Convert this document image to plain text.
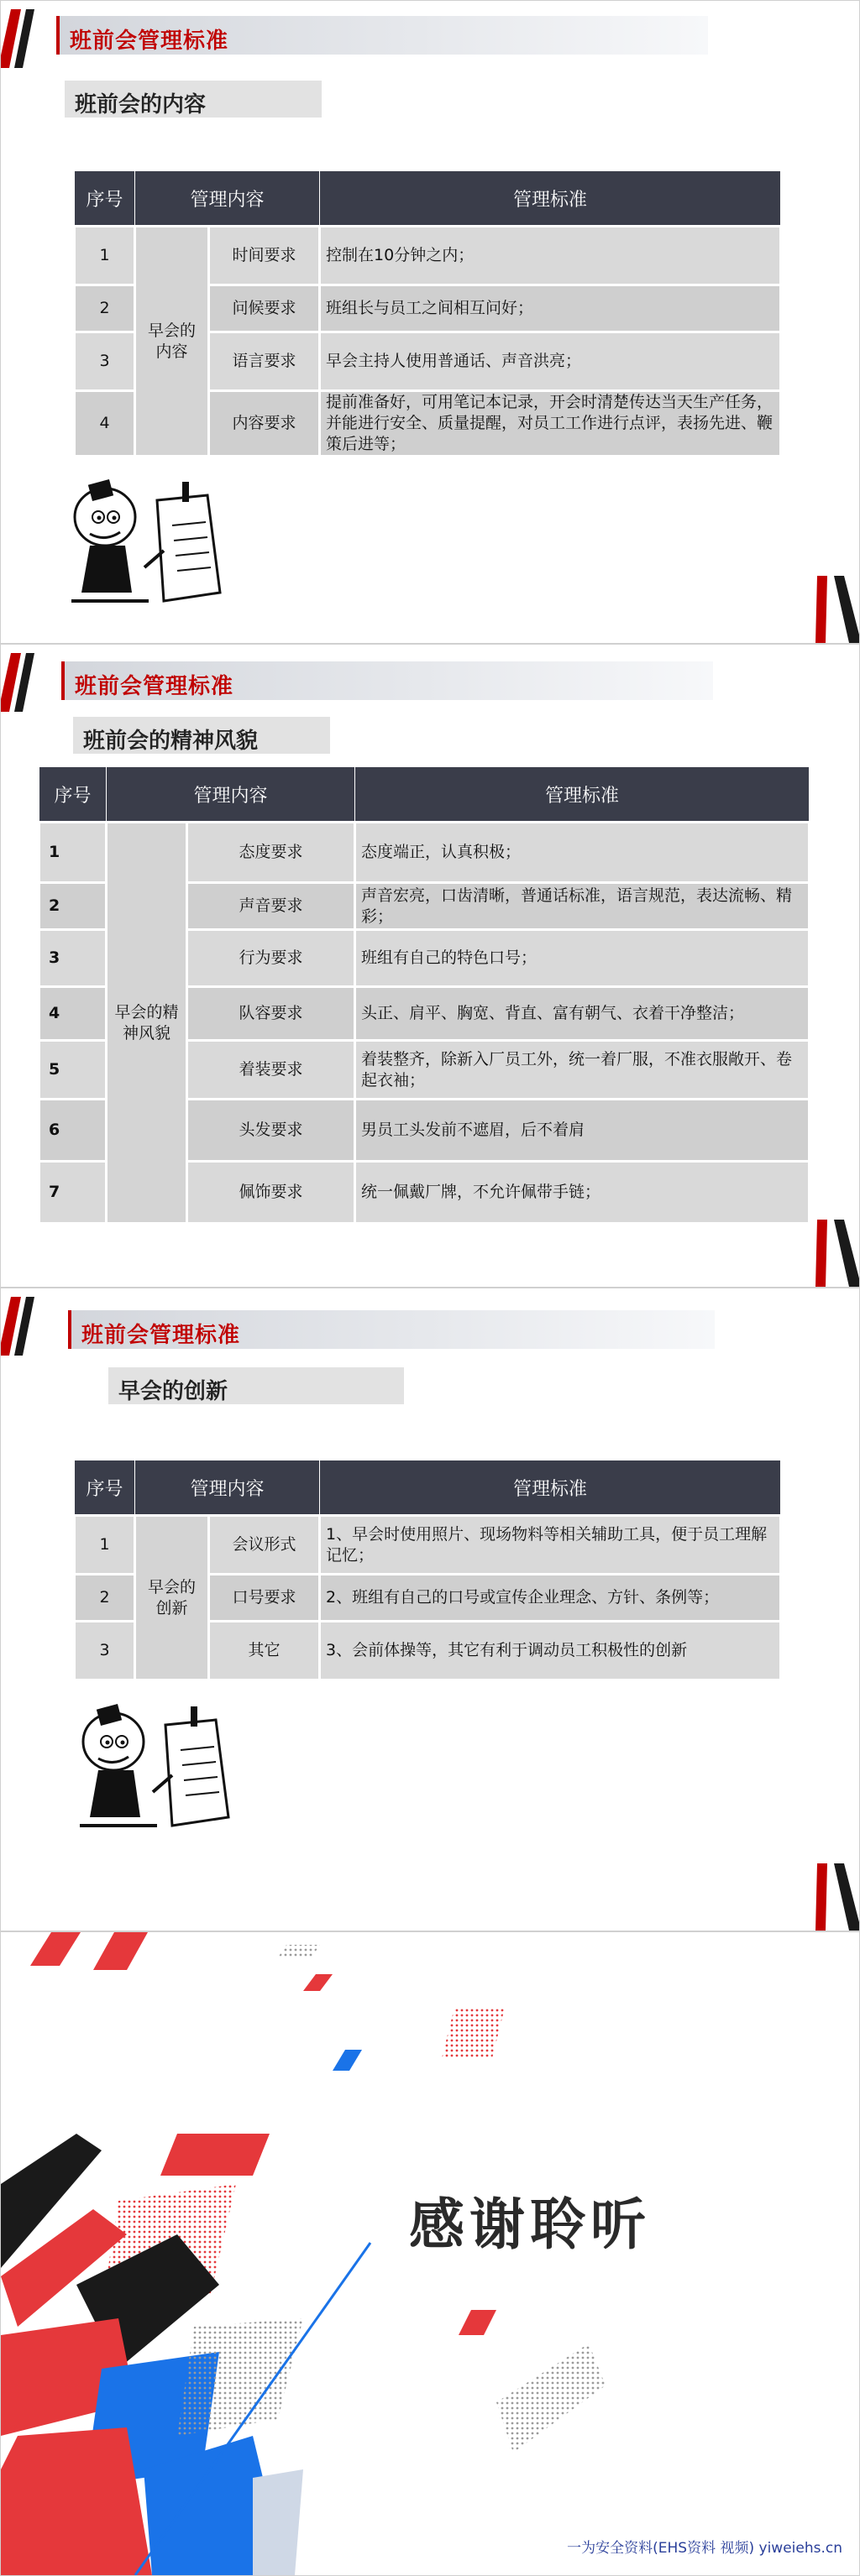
班前会管理标准
班前会的内容
序号	管理内容		管理标准
1	早会的内容	时间要求	控制在10分钟之内；
2		问候要求	班组长与员工之间相互问好；
3		语言要求	早会主持人使用普通话、声音洪亮；
4		内容要求	提前准备好，可用笔记本记录，开会时清楚传达当天生产任务，并能进行安全、质量提醒，对员工工作进行点评，表扬先进、鞭策后进等；
班前会管理标准
班前会的精神风貌
序号	管理内容		管理标准
1	早会的精神风貌	态度要求	态度端正，认真积极；
2		声音要求	声音宏亮，口齿清晰，普通话标准，语言规范，表达流畅、精彩；
3		行为要求	班组有自己的特色口号；
4		队容要求	头正、肩平、胸宽、背直、富有朝气、衣着干净整洁；
5		着装要求	着装整齐，除新入厂员工外，统一着厂服，不准衣服敞开、卷起衣袖；
6		头发要求	男员工头发前不遮眉，后不着肩
7		佩饰要求	统一佩戴厂牌，不允许佩带手链；
班前会管理标准
早会的创新
序号	管理内容		管理标准
1	早会的创新	会议形式	1、早会时使用照片、现场物料等相关辅助工具，便于员工理解记忆；
2		口号要求	2、班组有自己的口号或宣传企业理念、方针、条例等；
3		其它	3、会前体操等，其它有利于调动员工积极性的创新
感谢聆听
一为安全资料(EHS资料 视频) yiweiehs.cn
